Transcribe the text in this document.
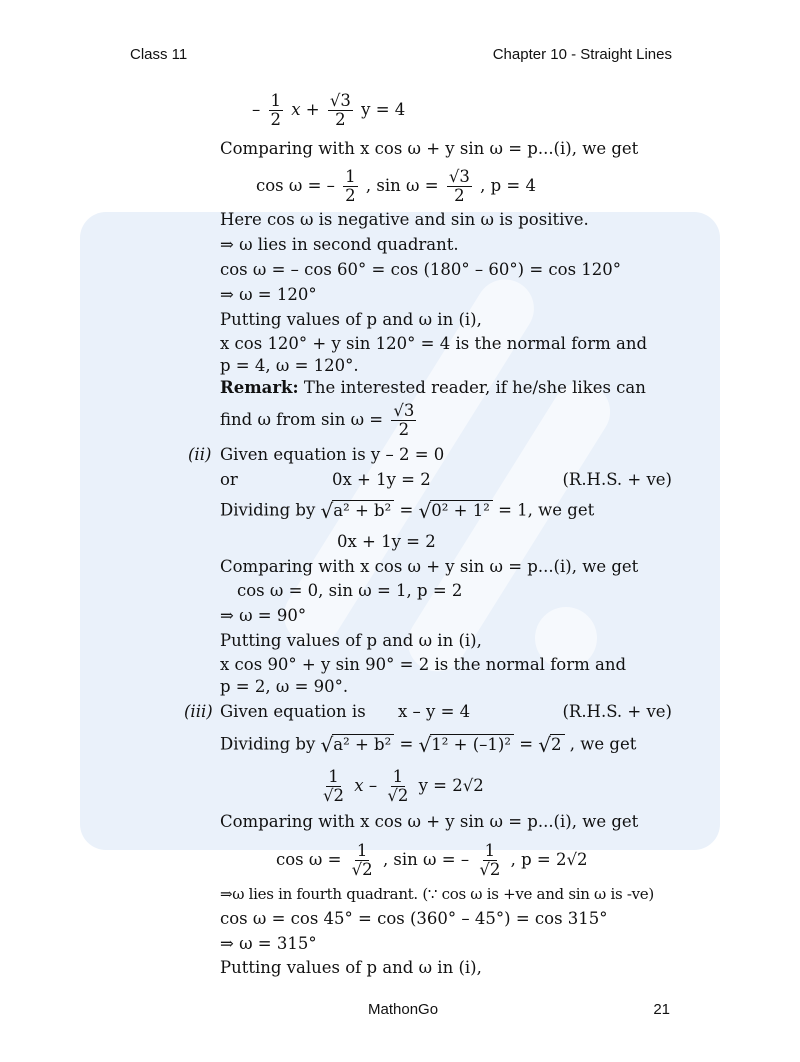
Class 11	Chapter 10 - Straight Lines
– $\frac{1}{2}$ $x + \frac{√3}{2}$ y = 4
Comparing with x cos ω + y sin ω = p...(i), we get
cos ω = – $\frac{1}{2}$ , $\sin \omega = \frac{√3}{2}$ , p = 4
Here cos ω is negative and sin ω is positive.
⇒ ω lies in second quadrant.
cos ω = – cos 60° = cos (180° – 60°) = cos 120°
⇒ ω = 120°
Putting values of p and ω in (i),
x cos 120° + y sin 120° = 4 is the normal form and
p = 4, ω = 120°.
Remark: The interested reader, if he/she likes can
find ω from $\sin \omega = \frac{√3}{2}$
(ii) Given equation is y – 2 = 0
or	0x + 1y = 2	(R.H.S. + ve)
Dividing by √ a² + b² = √ 0² + 1² = 1, we get
0x + 1y = 2
Comparing with x cos ω + y sin ω = p...(i), we get
cos ω = 0, sin ω = 1, p = 2
⇒ ω = 90°
Putting values of p and ω in (i),
x cos 90° + y sin 90° = 2 is the normal form and
p = 2, ω = 90°.
(iii) Given equation is x – y = 4	(R.H.S. + ve)
Dividing by √ a² + b² = √ 1² + (–1)² = √ 2 , we get
$\frac{1}{√2}$ x – $\frac{1}{√2}$ y = 2√2
Comparing with x cos ω + y sin ω = p...(i), we get
$\cos \omega = \frac{1}{√2}$ , sin ω = – $\frac{1}{√2}$ , p = 2√2
⇒ω lies in fourth quadrant. (∵ cos ω is +ve and sin ω is -ve)
cos ω = cos 45° = cos (360° – 45°) = cos 315°
⇒ ω = 315°
Putting values of p and ω in (i),
MathonGo	21
